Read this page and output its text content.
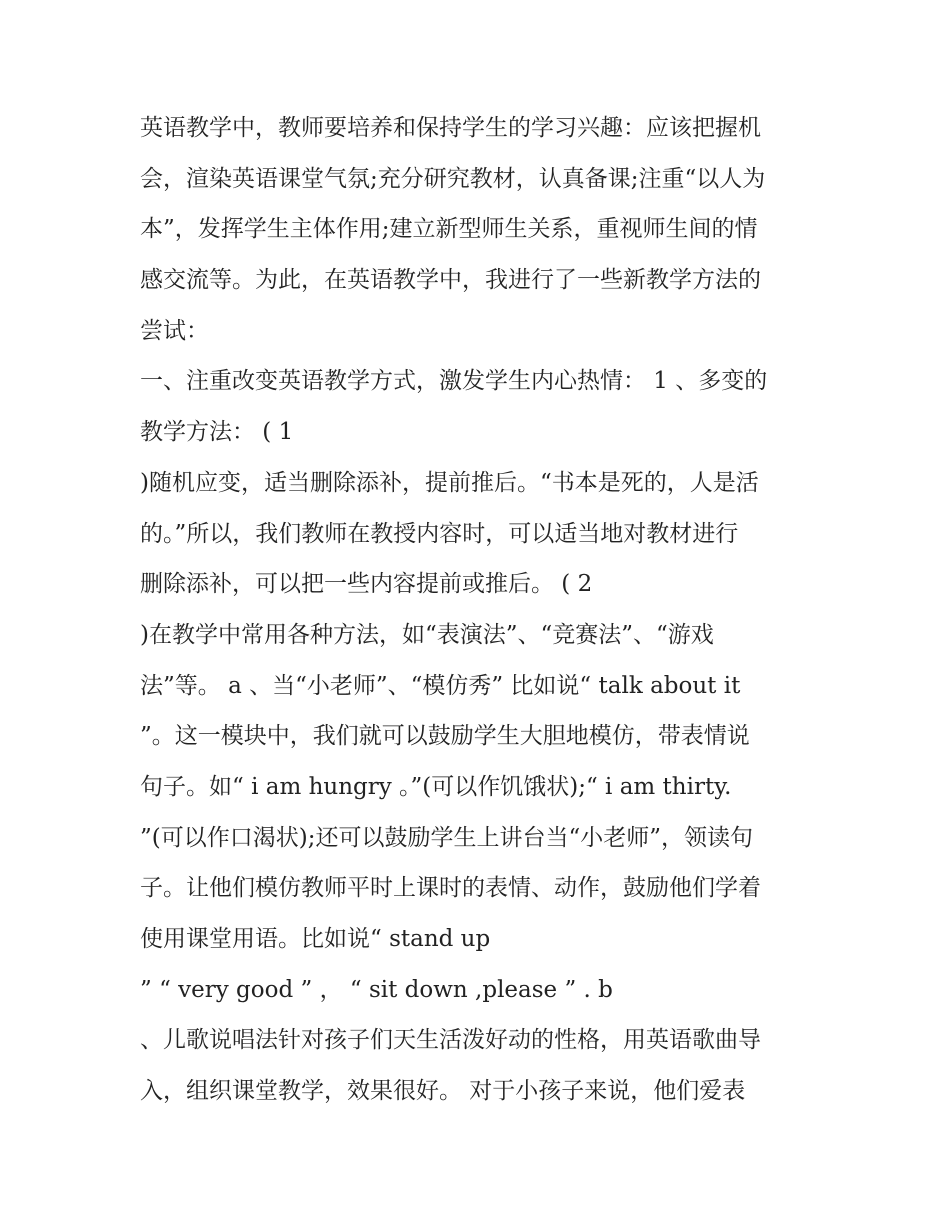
英语教学中，教师要培养和保持学生的学习兴趣：应该把握机
会，渲染英语课堂气氛;充分研究教材，认真备课;注重“以人为
本”，发挥学生主体作用;建立新型师生关系，重视师生间的情
感交流等。为此，在英语教学中，我进行了一些新教学方法的
尝试：
一、注重改变英语教学方式，激发学生内心热情： 1 、多变的
教学方法： ( 1
)随机应变，适当删除添补，提前推后。“书本是死的，人是活
的。”所以，我们教师在教授内容时，可以适当地对教材进行
删除添补，可以把一些内容提前或推后。 ( 2
)在教学中常用各种方法，如“表演法”、“竞赛法”、“游戏
法”等。 a 、当“小老师”、“模仿秀” 比如说“ talk about it
”。这一模块中，我们就可以鼓励学生大胆地模仿，带表情说
句子。如“ i am hungry 。”(可以作饥饿状);“ i am thirty.
”(可以作口渴状);还可以鼓励学生上讲台当“小老师”，领读句
子。让他们模仿教师平时上课时的表情、动作，鼓励他们学着
使用课堂用语。比如说“ stand up
” “ very good ” ， “ sit down ,please ” . b
、儿歌说唱法针对孩子们天生活泼好动的性格，用英语歌曲导
入，组织课堂教学，效果很好。 对于小孩子来说，他们爱表
